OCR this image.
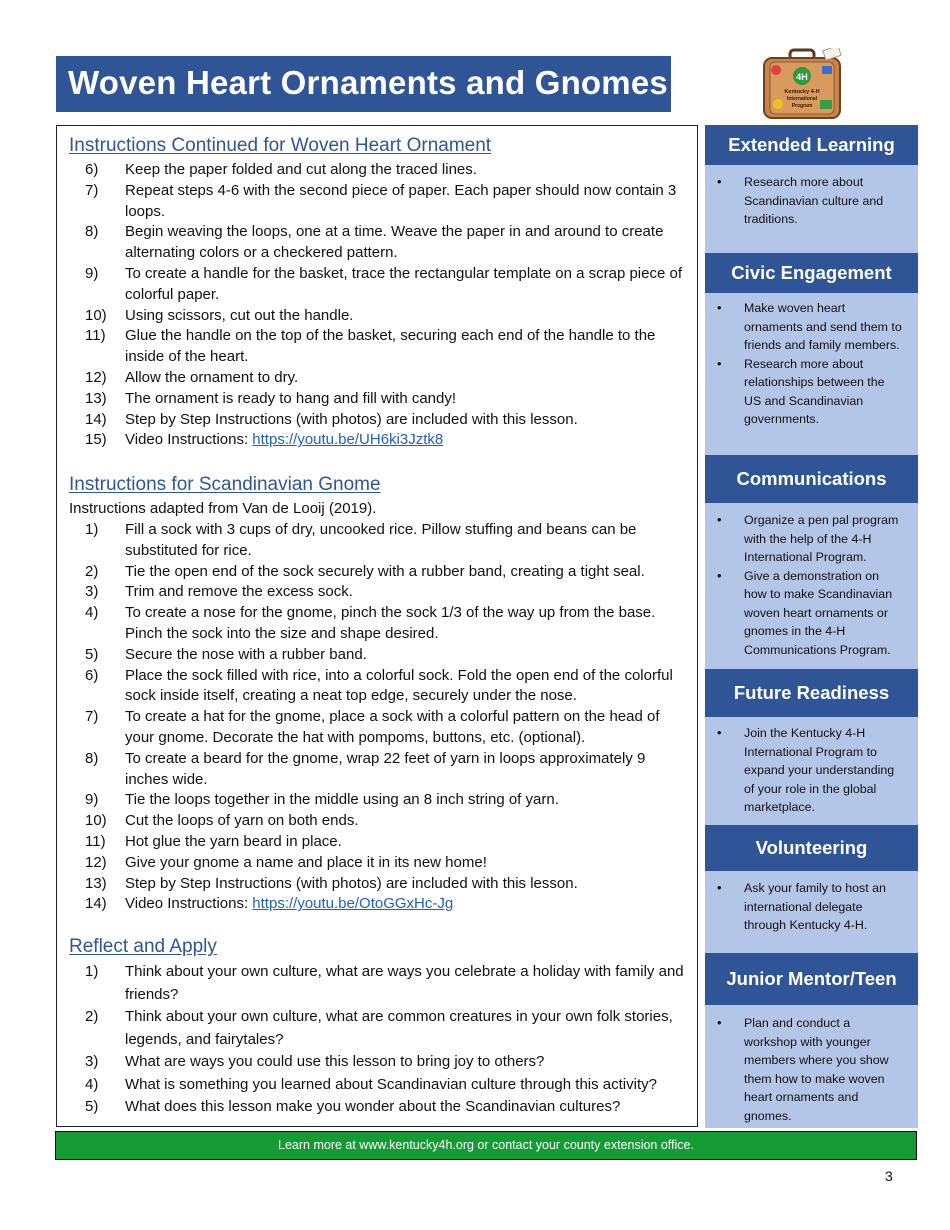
Woven Heart Ornaments and Gnomes	4H
Kentucky 4-H
International
Program
Instructions Continued for Woven Heart Ornament
6)	Keep the paper folded and cut along the traced lines.
7)	Repeat steps 4-6 with the second piece of paper. Each paper should now contain 3 loops.
8)	Begin weaving the loops, one at a time. Weave the paper in and around to create alternating colors or a checkered pattern.
9)	To create a handle for the basket, trace the rectangular template on a scrap piece of colorful paper.
10)	Using scissors, cut out the handle.
11)	Glue the handle on the top of the basket, securing each end of the handle to the inside of the heart.
12)	Allow the ornament to dry.
13)	The ornament is ready to hang and fill with candy!
14)	Step by Step Instructions (with photos) are included with this lesson.
15)	Video Instructions: https://youtu.be/UH6ki3Jztk8
Instructions for Scandinavian Gnome
Instructions adapted from Van de Looij (2019).
1)	Fill a sock with 3 cups of dry, uncooked rice. Pillow stuffing and beans can be substituted for rice.
2)	Tie the open end of the sock securely with a rubber band, creating a tight seal.
3)	Trim and remove the excess sock.
4)	To create a nose for the gnome, pinch the sock 1/3 of the way up from the base. Pinch the sock into the size and shape desired.
5)	Secure the nose with a rubber band.
6)	Place the sock filled with rice, into a colorful sock. Fold the open end of the colorful sock inside itself, creating a neat top edge, securely under the nose.
7)	To create a hat for the gnome, place a sock with a colorful pattern on the head of your gnome. Decorate the hat with pompoms, buttons, etc. (optional).
8)	To create a beard for the gnome, wrap 22 feet of yarn in loops approximately 9 inches wide.
9)	Tie the loops together in the middle using an 8 inch string of yarn.
10)	Cut the loops of yarn on both ends.
11)	Hot glue the yarn beard in place.
12)	Give your gnome a name and place it in its new home!
13)	Step by Step Instructions (with photos) are included with this lesson.
14)	Video Instructions: https://youtu.be/OtoGGxHc-Jg
Reflect and Apply
1)	Think about your own culture, what are ways you celebrate a holiday with family and friends?
2)	Think about your own culture, what are common creatures in your own folk stories, legends, and fairytales?
3)	What are ways you could use this lesson to bring joy to others?
4)	What is something you learned about Scandinavian culture through this activity?
5)	What does this lesson make you wonder about the Scandinavian cultures?
Extended Learning
• Research more about Scandinavian culture and traditions.
Civic Engagement
• Make woven heart ornaments and send them to friends and family members.
• Research more about relationships between the US and Scandinavian governments.
Communications
• Organize a pen pal program with the help of the 4-H International Program.
• Give a demonstration on how to make Scandinavian woven heart ornaments or gnomes in the 4-H Communications Program.
Future Readiness
• Join the Kentucky 4-H International Program to expand your understanding of your role in the global marketplace.
Volunteering
• Ask your family to host an international delegate through Kentucky 4-H.
Junior Mentor/Teen
• Plan and conduct a workshop with younger members where you show them how to make woven heart ornaments and gnomes.
Learn more at www.kentucky4h.org or contact your county extension office.
3
